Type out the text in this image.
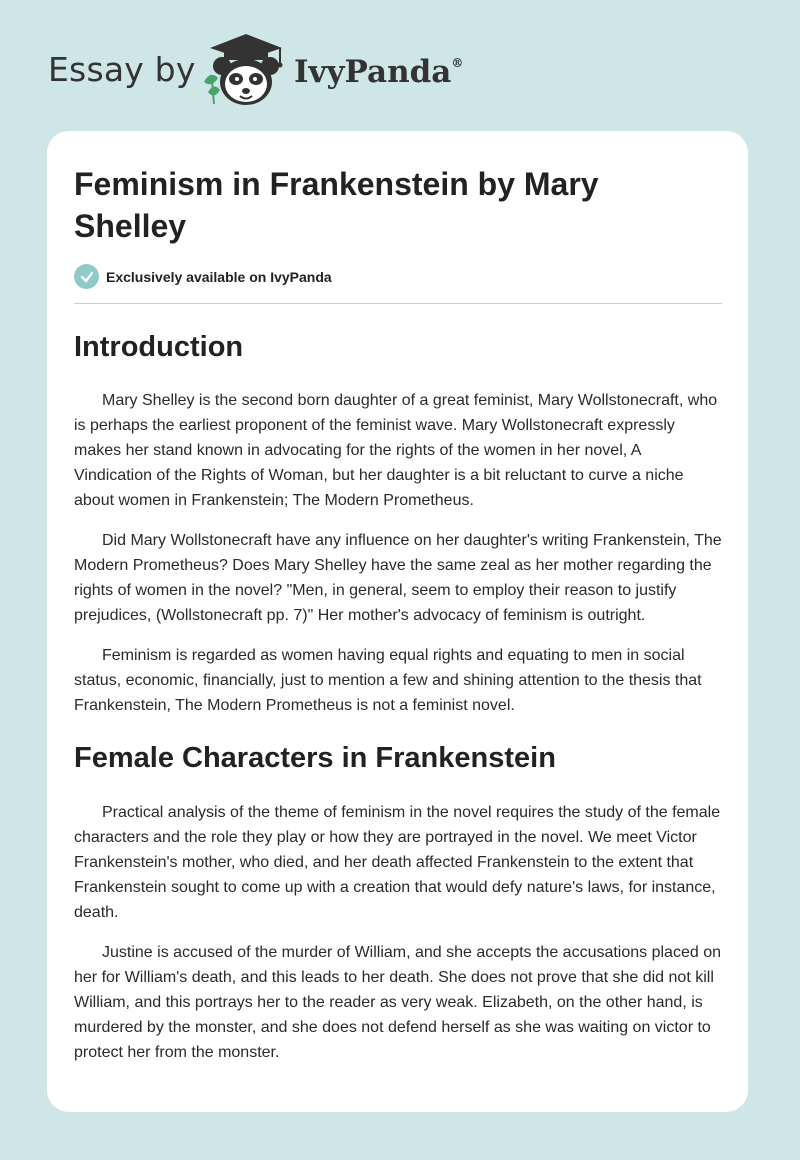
Essay by	IvyPanda®
Feminism in Frankenstein by Mary Shelley
Exclusively available on IvyPanda
Introduction

Mary Shelley is the second born daughter of a great feminist, Mary Wollstonecraft, who is perhaps the earliest proponent of the feminist wave. Mary Wollstonecraft expressly makes her stand known in advocating for the rights of the women in her novel, A Vindication of the Rights of Woman, but her daughter is a bit reluctant to curve a niche about women in Frankenstein; The Modern Prometheus.

Did Mary Wollstonecraft have any influence on her daughter's writing Frankenstein, The Modern Prometheus? Does Mary Shelley have the same zeal as her mother regarding the rights of women in the novel? "Men, in general, seem to employ their reason to justify prejudices, (Wollstonecraft pp. 7)" Her mother's advocacy of feminism is outright.

Feminism is regarded as women having equal rights and equating to men in social status, economic, financially, just to mention a few and shining attention to the thesis that Frankenstein, The Modern Prometheus is not a feminist novel.

Female Characters in Frankenstein

Practical analysis of the theme of feminism in the novel requires the study of the female characters and the role they play or how they are portrayed in the novel. We meet Victor Frankenstein's mother, who died, and her death affected Frankenstein to the extent that Frankenstein sought to come up with a creation that would defy nature's laws, for instance, death.

Justine is accused of the murder of William, and she accepts the accusations placed on her for William's death, and this leads to her death. She does not prove that she did not kill William, and this portrays her to the reader as very weak. Elizabeth, on the other hand, is murdered by the monster, and she does not defend herself as she was waiting on victor to protect her from the monster.
